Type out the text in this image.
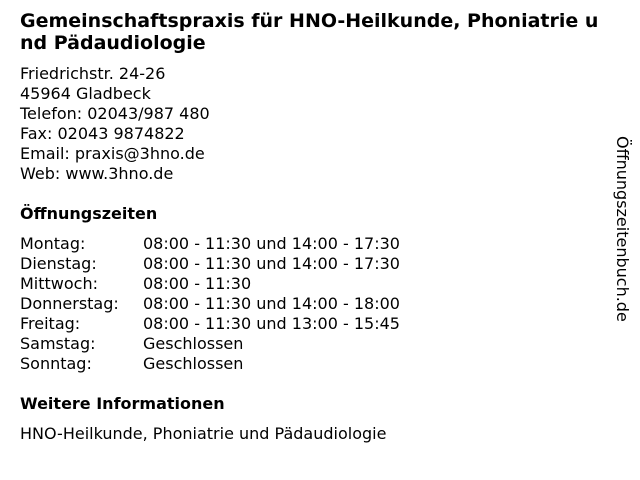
Gemeinschaftspraxis für HNO-Heilkunde, Phoniatrie und Pädaudiologie
Friedrichstr. 24-26
45964 Gladbeck
Telefon: 02043/987 480
Fax: 02043 9874822
Email: praxis@3hno.de
Web: www.3hno.de
Öffnungszeiten
Montag:	08:00 - 11:30 und 14:00 - 17:30
Dienstag:	08:00 - 11:30 und 14:00 - 17:30
Mittwoch:	08:00 - 11:30
Donnerstag:	08:00 - 11:30 und 14:00 - 18:00
Freitag:	08:00 - 11:30 und 13:00 - 15:45
Samstag:	Geschlossen
Sonntag:	Geschlossen
Weitere Informationen
HNO-Heilkunde, Phoniatrie und Pädaudiologie
Öffnungszeitenbuch.de
